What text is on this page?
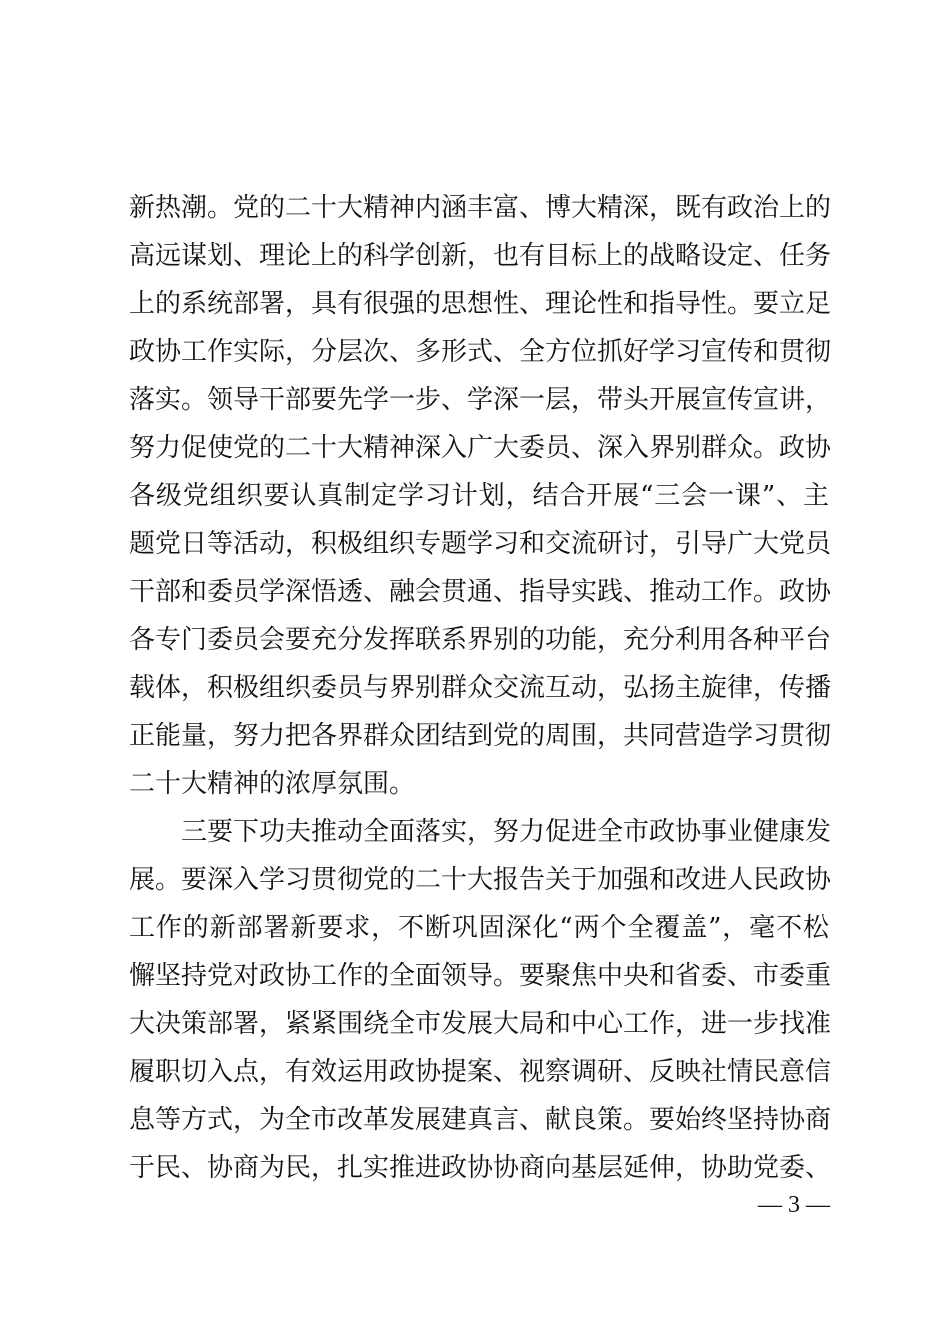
新热潮。党的二十大精神内涵丰富、博大精深，既有政治上的
高远谋划、理论上的科学创新，也有目标上的战略设定、任务
上的系统部署，具有很强的思想性、理论性和指导性。要立足
政协工作实际，分层次、多形式、全方位抓好学习宣传和贯彻
落实。领导干部要先学一步、学深一层，带头开展宣传宣讲，
努力促使党的二十大精神深入广大委员、深入界别群众。政协
各级党组织要认真制定学习计划，结合开展“三会一课”、主
题党日等活动，积极组织专题学习和交流研讨，引导广大党员
干部和委员学深悟透、融会贯通、指导实践、推动工作。政协
各专门委员会要充分发挥联系界别的功能，充分利用各种平台
载体，积极组织委员与界别群众交流互动，弘扬主旋律，传播
正能量，努力把各界群众团结到党的周围，共同营造学习贯彻
二十大精神的浓厚氛围。
三要下功夫推动全面落实，努力促进全市政协事业健康发
展。要深入学习贯彻党的二十大报告关于加强和改进人民政协
工作的新部署新要求，不断巩固深化“两个全覆盖”，毫不松
懈坚持党对政协工作的全面领导。要聚焦中央和省委、市委重
大决策部署，紧紧围绕全市发展大局和中心工作，进一步找准
履职切入点，有效运用政协提案、视察调研、反映社情民意信
息等方式，为全市改革发展建真言、献良策。要始终坚持协商
于民、协商为民，扎实推进政协协商向基层延伸，协助党委、
— 3 —
